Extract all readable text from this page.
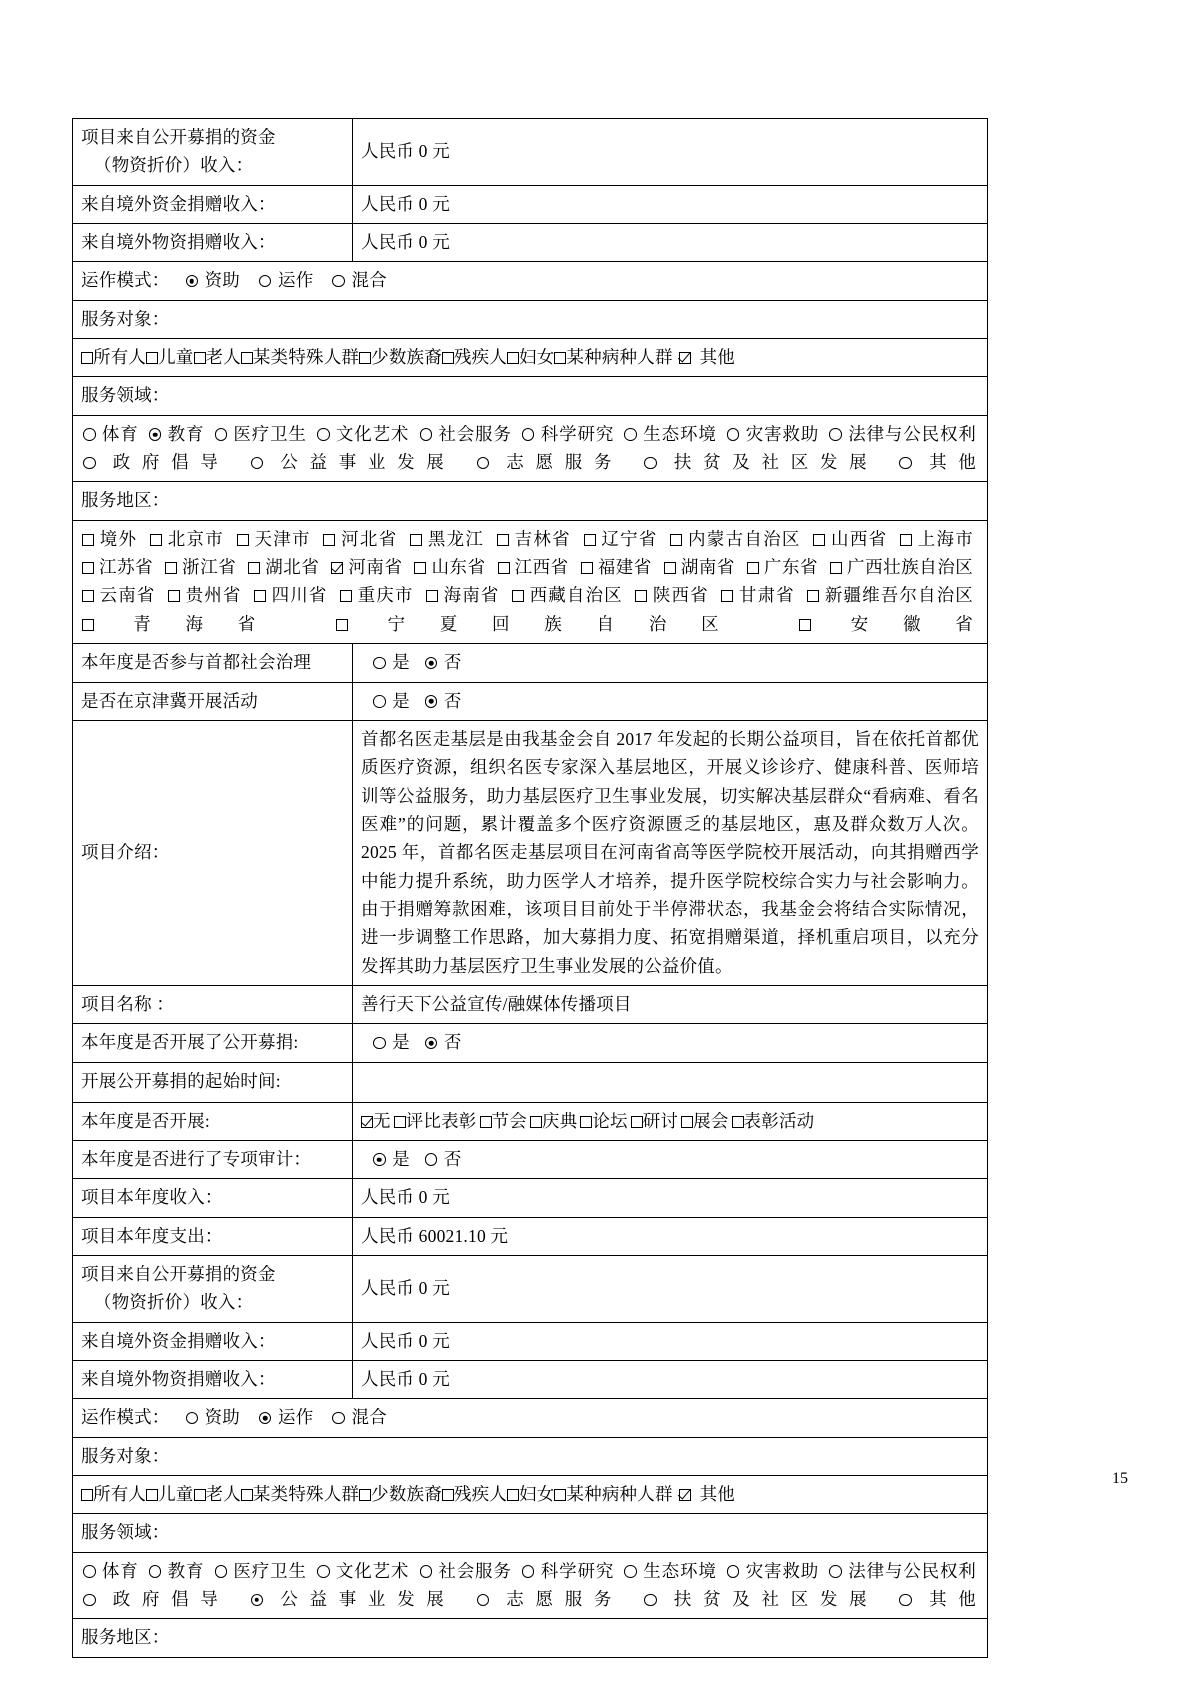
项目来自公开募捐的资金

（物资折价）收入：	人民币 0 元
来自境外资金捐赠收入：	人民币 0 元
来自境外物资捐赠收入：	人民币 0 元
运作模式： 资助 运作 混合	
服务对象：	
所有人 儿童 老人 某类特殊人群 少数族裔 残疾人 妇女 某种病种人群 其他	
服务领域：	
 体育  教育  医疗卫生  文化艺术  社会服务  科学研究  生态环境  灾害救助  法律与公民权利  政府倡导  公益事业发展  志愿服务  扶贫及社区发展  其他	
服务地区：	
 境外  北京市  天津市  河北省  黑龙江  吉林省  辽宁省  内蒙古自治区  山西省  上海市  江苏省  浙江省  湖北省  河南省  山东省  江西省  福建省  湖南省  广东省  广西壮族自治区  云南省  贵州省  四川省  重庆市  海南省  西藏自治区  陕西省  甘肃省  新疆维吾尔自治区  青海省  宁夏回族自治区  安徽省	
本年度是否参与首都社会治理	是 否
是否在京津冀开展活动	是 否
项目介绍：	首都名医走基层是由我基金会自 2017 年发起的长期公益项目，旨在依托首都优质医疗资源，组织名医专家深入基层地区，开展义诊诊疗、健康科普、医师培训等公益服务，助力基层医疗卫生事业发展，切实解决基层群众“看病难、看名医难”的问题，累计覆盖多个医疗资源匮乏的基层地区，惠及群众数万人次。2025 年，首都名医走基层项目在河南省高等医学院校开展活动，向其捐赠西学中能力提升系统，助力医学人才培养，提升医学院校综合实力与社会影响力。由于捐赠筹款困难，该项目目前处于半停滞状态，我基金会将结合实际情况，进一步调整工作思路，加大募捐力度、拓宽捐赠渠道，择机重启项目，以充分发挥其助力基层医疗卫生事业发展的公益价值。
项目名称 ：	善行天下公益宣传/融媒体传播项目
本年度是否开展了公开募捐:	是 否
开展公开募捐的起始时间:	
本年度是否开展:	无 评比表彰 节会 庆典 论坛 研讨 展会 表彰活动
本年度是否进行了专项审计：	是 否
项目本年度收入：	人民币 0 元
项目本年度支出：	人民币 60021.10 元
项目来自公开募捐的资金

（物资折价）收入：	人民币 0 元
来自境外资金捐赠收入：	人民币 0 元
来自境外物资捐赠收入：	人民币 0 元
运作模式： 资助 运作 混合	
服务对象：	
所有人 儿童 老人 某类特殊人群 少数族裔 残疾人 妇女 某种病种人群 其他	
服务领域：	
 体育  教育  医疗卫生  文化艺术  社会服务  科学研究  生态环境  灾害救助  法律与公民权利  政府倡导  公益事业发展  志愿服务  扶贫及社区发展  其他	
服务地区：	
15
